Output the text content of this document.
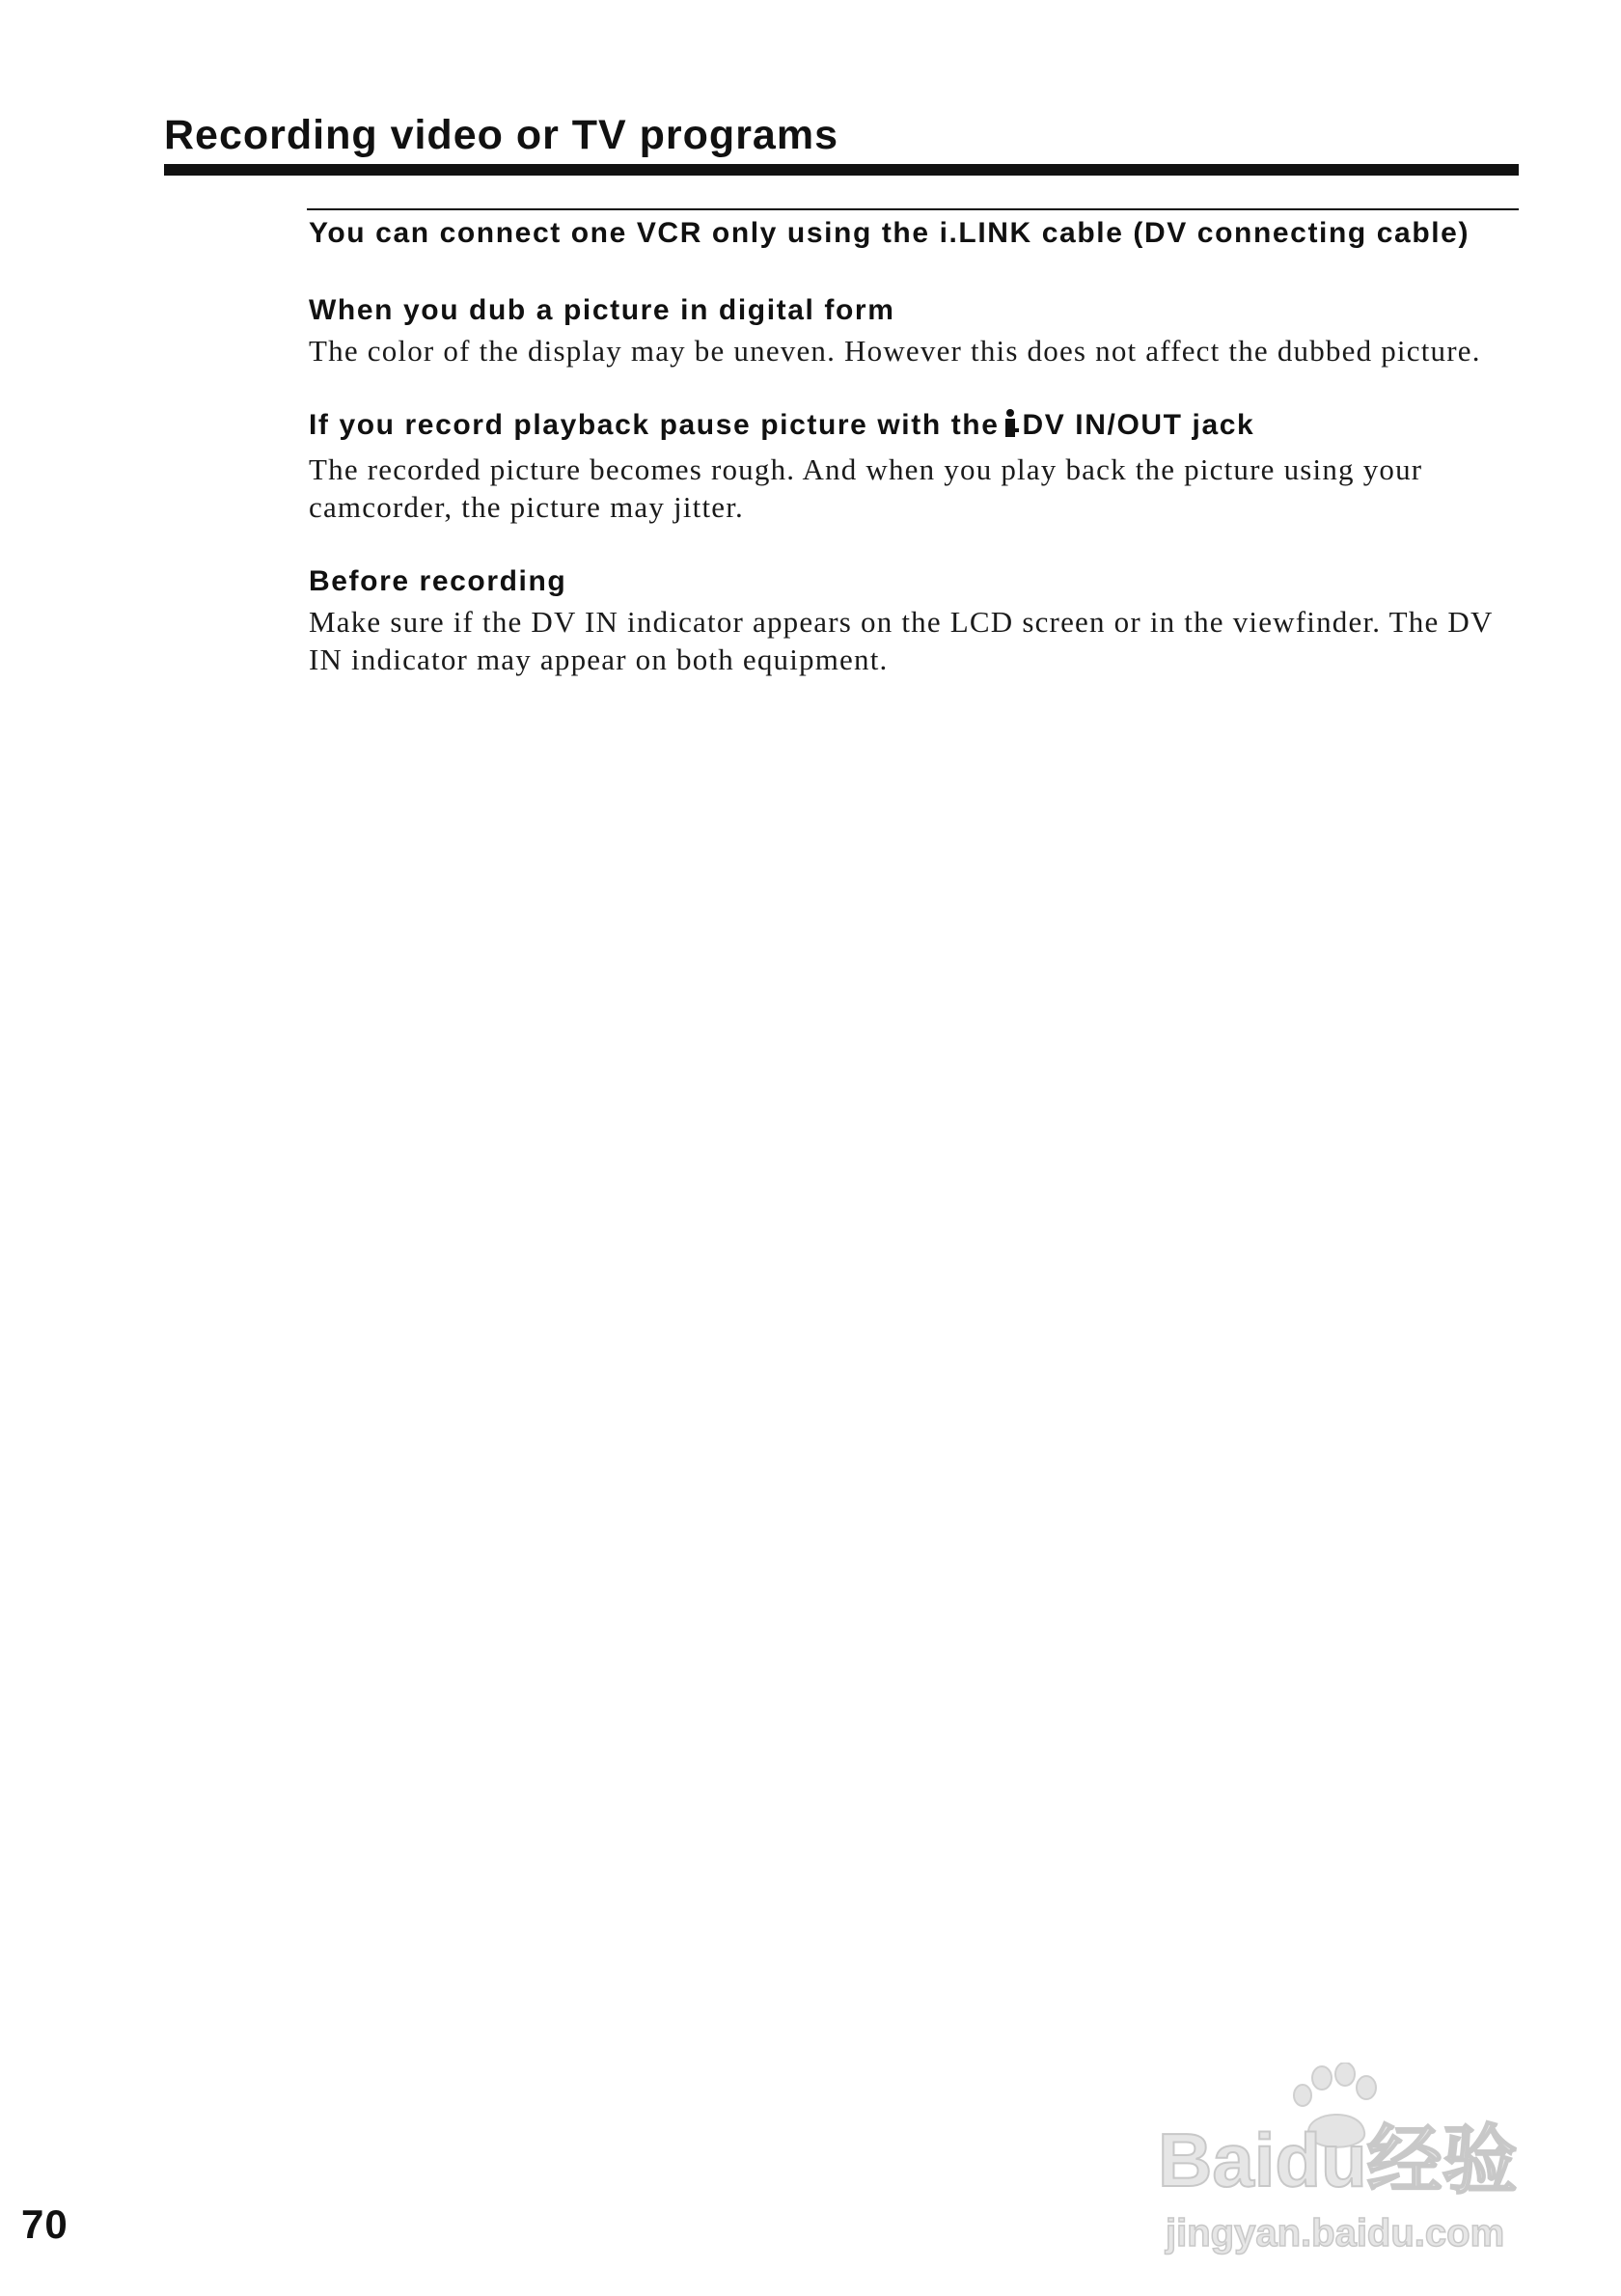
Recording video or TV programs

You can connect one VCR only using the i.LINK cable (DV connecting cable)

When you dub a picture in digital form

The color of the display may be uneven. However this does not affect the dubbed picture.

If you record playback pause picture with the DV IN/OUT jack

The recorded picture becomes rough. And when you play back the picture using your camcorder, the picture may jitter.

Before recording

Make sure if the DV IN indicator appears on the LCD screen or in the viewfinder. The DV IN indicator may appear on both equipment.

70
Baidu经验
jingyan.baidu.com
